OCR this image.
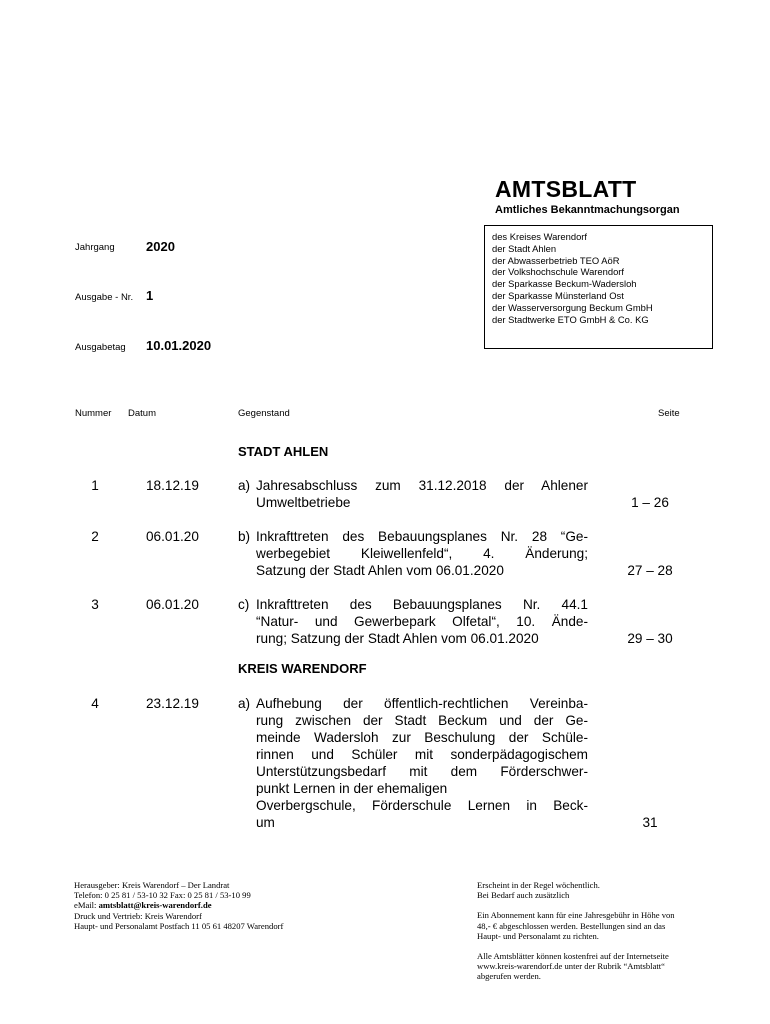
AMTSBLATT
Amtliches Bekanntmachungsorgan
des Kreises Warendorf
der Stadt Ahlen
der Abwasserbetrieb TEO AöR
der Volkshochschule Warendorf
der Sparkasse Beckum-Wadersloh
der Sparkasse Münsterland Ost
der Wasserversorgung Beckum GmbH
der Stadtwerke ETO GmbH & Co. KG
Jahrgang 2020
Ausgabe - Nr. 1
Ausgabetag 10.01.2020
Nummer Datum	Gegenstand	Seite
STADT AHLEN
1	18.12.19	a) Jahresabschluss zum 31.12.2018 der Ahlener
Umweltbetriebe	1 – 26
2	06.01.20	b) Inkrafttreten des Bebauungsplanes Nr. 28 “Ge-
werbegebiet Kleiwellenfeld“, 4. Änderung;
Satzung der Stadt Ahlen vom 06.01.2020	27 – 28
3	06.01.20	c) Inkrafttreten des Bebauungsplanes Nr. 44.1
“Natur- und Gewerbepark Olfetal“, 10. Ände-
rung; Satzung der Stadt Ahlen vom 06.01.2020	29 – 30
KREIS WARENDORF
4	23.12.19	a) Aufhebung der öffentlich-rechtlichen Vereinba-
rung zwischen der Stadt Beckum und der Ge-
meinde Wadersloh zur Beschulung der Schüle-
rinnen und Schüler mit sonderpädagogischem
Unterstützungsbedarf mit dem Förderschwer-
punkt Lernen in der ehemaligen
Overbergschule, Förderschule Lernen in Beck-
um	31

Herausgeber: Kreis Warendorf – Der Landrat

Telefon: 0 25 81 / 53-10 32 Fax: 0 25 81 / 53-10 99

eMail: amtsblatt@kreis-warendorf.de

Druck und Vertrieb: Kreis Warendorf

Haupt- und Personalamt Postfach 11 05 61 48207 Warendorf

Erscheint in der Regel wöchentlich.

Bei Bedarf auch zusätzlich

Ein Abonnement kann für eine Jahresgebühr in Höhe von

48,- € abgeschlossen werden. Bestellungen sind an das

Haupt- und Personalamt zu richten.

Alle Amtsblätter können kostenfrei auf der Internetseite

www.kreis-warendorf.de unter der Rubrik “Amtsblatt“

abgerufen werden.
